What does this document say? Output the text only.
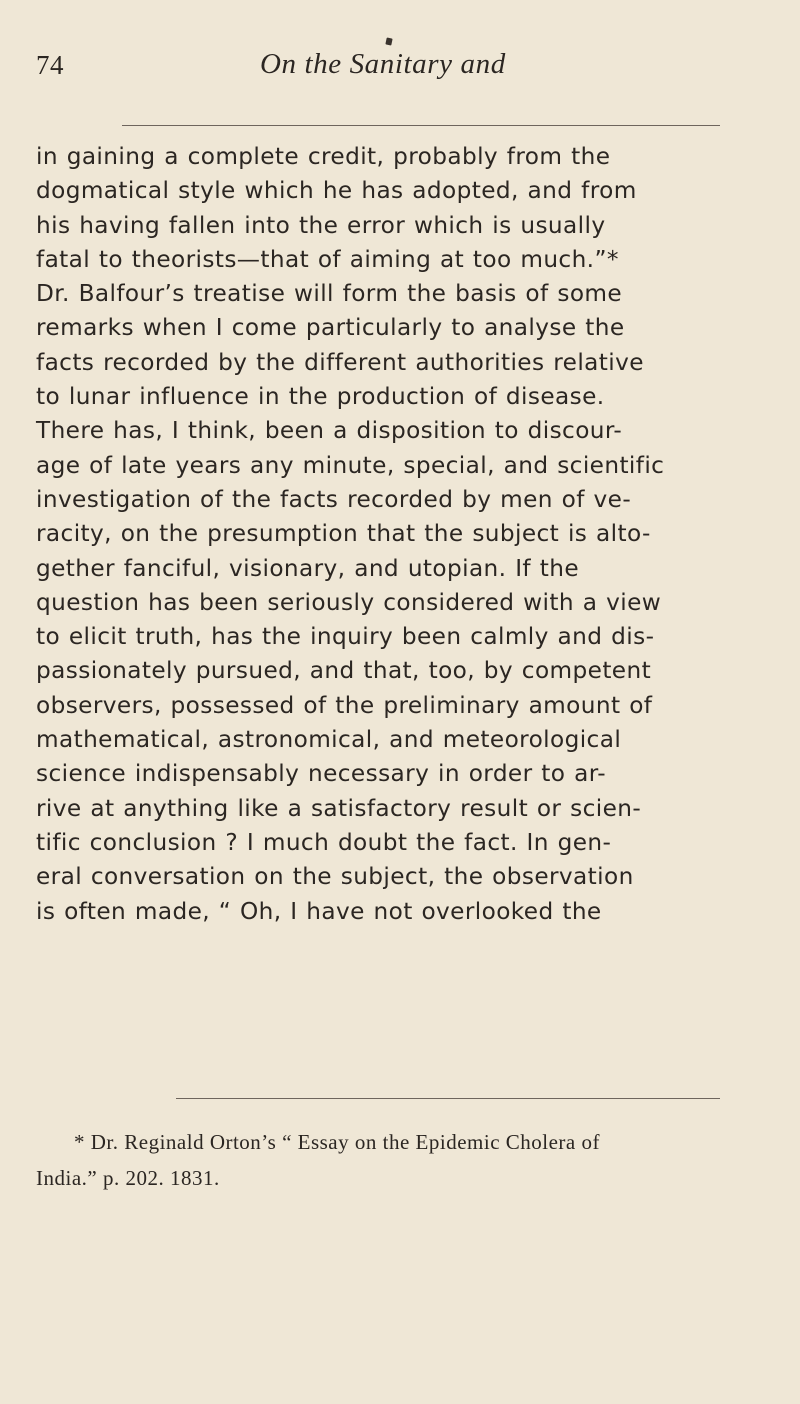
74	On the Sanitary and
in gaining a complete credit, probably from the
dogmatical style which he has adopted, and from
his having fallen into the error which is usually
fatal to theorists—that of aiming at too much.”*
Dr. Balfour’s treatise will form the basis of some
remarks when I come particularly to analyse the
facts recorded by the different authorities relative
to lunar influence in the production of disease.
There has, I think, been a disposition to discour-
age of late years any minute, special, and scientific
investigation of the facts recorded by men of ve-
racity, on the presumption that the subject is alto-
gether fanciful, visionary, and utopian. If the
question has been seriously considered with a view
to elicit truth, has the inquiry been calmly and dis-
passionately pursued, and that, too, by competent
observers, possessed of the preliminary amount of
mathematical, astronomical, and meteorological
science indispensably necessary in order to ar-
rive at anything like a satisfactory result or scien-
tific conclusion ? I much doubt the fact. In gen-
eral conversation on the subject, the observation
is often made, “ Oh, I have not overlooked the
* Dr. Reginald Orton’s “ Essay on the Epidemic Cholera of
India.” p. 202. 1831.
